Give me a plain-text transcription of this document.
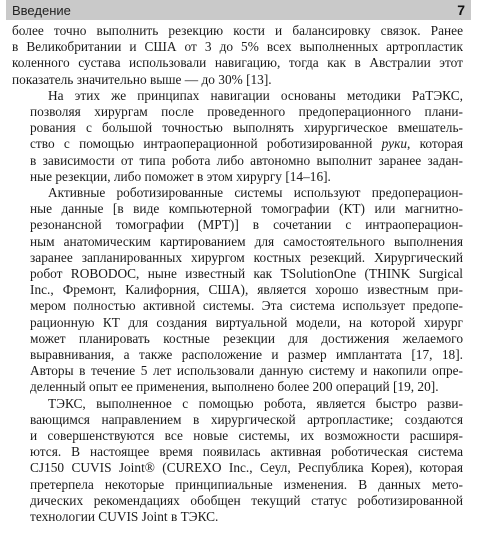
Введение	7
более точно выполнить резекцию кости и балансировку связок. Ранее
в Великобритании и США от 3 до 5% всех выполненных артропластик
коленного сустава использовали навигацию, тогда как в Австралии этот
показатель значительно выше — до 30% [13].
На этих же принципах навигации основаны методики РаТЭКС,
позволяя хирургам после проведенного предоперационного плани-
рования с большой точностью выполнять хирургическое вмешатель-
ство с помощью интраоперационной роботизированной руки, которая
в зависимости от типа робота либо автономно выполнит заранее задан-
ные резекции, либо поможет в этом хирургу [14–16].
Активные роботизированные системы используют предоперацион-
ные данные [в виде компьютерной томографии (КТ) или магнитно-
резонансной томографии (МРТ)] в сочетании с интраоперацион-
ным анатомическим картированием для самостоятельного выполнения
заранее запланированных хирургом костных резекций. Хирургический
робот ROBODOC, ныне известный как TSolutionOne (THINK Surgical
Inc., Фремонт, Калифорния, США), является хорошо известным при-
мером полностью активной системы. Эта система использует предопе-
рационную КТ для создания виртуальной модели, на которой хирург
может планировать костные резекции для достижения желаемого
выравнивания, а также расположение и размер имплантата [17, 18].
Авторы в течение 5 лет использовали данную систему и накопили опре-
деленный опыт ее применения, выполнено более 200 операций [19, 20].
ТЭКС, выполненное с помощью робота, является быстро разви-
вающимся направлением в хирургической артропластике; создаются
и совершенствуются все новые системы, их возможности расширя-
ются. В настоящее время появилась активная роботическая система
CJ150 CUVIS Joint® (CUREXO Inc., Сеул, Республика Корея), которая
претерпела некоторые принципиальные изменения. В данных мето-
дических рекомендациях обобщен текущий статус роботизированной
технологии CUVIS Joint в ТЭКС.
